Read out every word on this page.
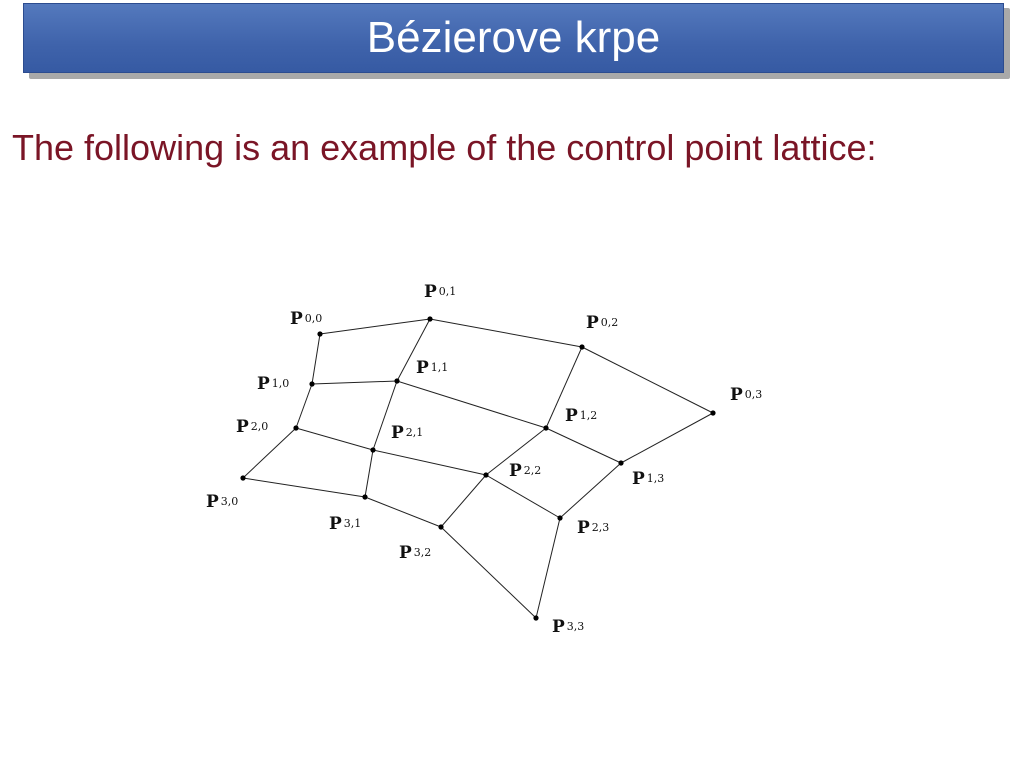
Bézierove krpe
The following is an example of the control point lattice:
P 0,0
P 0,1
P 0,2
P 0,3
P 1,0
P 1,1
P 1,2
P 1,3
P 2,0	P 2,1
P 2,2
P 2,3
P 3,0
P 3,1
P 3,2
P 3,3
